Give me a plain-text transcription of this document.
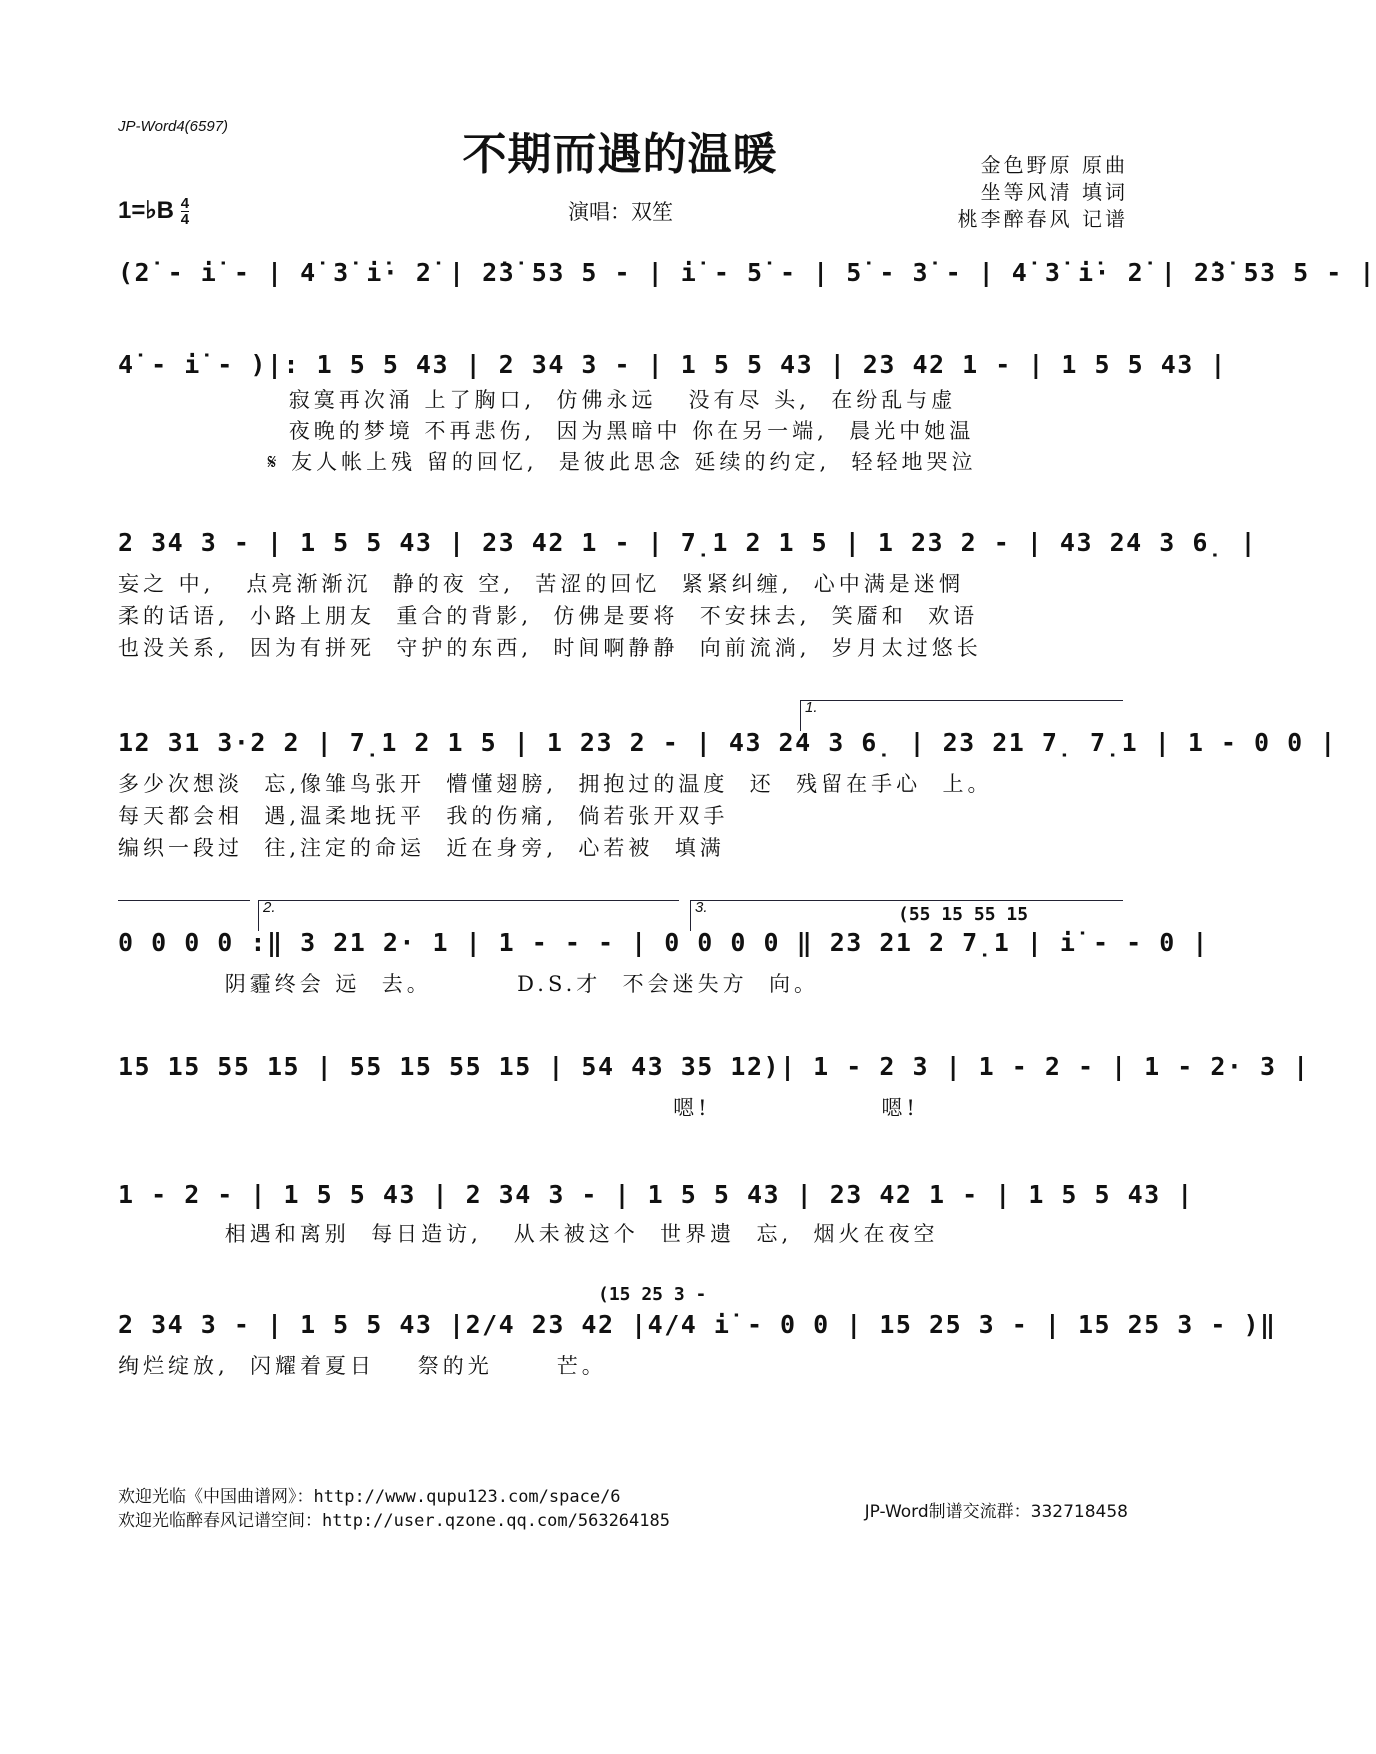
JP-Word4(6597)
不期而遇的温暖	金色野原 原曲
坐等风清 填词
桃李醉春风 记谱
1=♭B $\frac{4}{4}$	演唱：双笙
(2̇ - i̇ - | 4̇ 3̇ i̇· 2̇ | 2̇3̇ 53 5 - | i̇ - 5̇ - | 5̇ - 3̇ - | 4̇ 3̇ i̇· 2̇ | 2̇3̇ 53 5 - |
4̇ - i̇ - )|: 1 5 5 43 | 2 34 3 - | 1 5 5 43 | 23 42 1 - | 1 5 5 43 |
寂寞再次涌 上了胸口,  仿佛永远   没有尽 头,  在纷乱与虚
夜晚的梦境 不再悲伤,  因为黑暗中 你在另一端,  晨光中她温
𝄋 友人帐上残 留的回忆,  是彼此思念 延续的约定,  轻轻地哭泣
2 34 3 - | 1 5 5 43 | 23 42 1 - | 7̣1 2 1 5 | 1 23 2 - | 43 24 3 6̣ |
妄之 中,   点亮渐渐沉  静的夜 空,  苦涩的回忆  紧紧纠缠,  心中满是迷惘
柔的话语,  小路上朋友  重合的背影,  仿佛是要将  不安抹去,  笑靥和  欢语
也没关系,  因为有拼死  守护的东西,  时间啊静静  向前流淌,  岁月太过悠长
1.
12 31 3·2 2 | 7̣1 2 1 5 | 1 23 2 - | 43 24 3 6̣ | 23 21 7̣ 7̣1 | 1 - 0 0 |
多少次想淡  忘,像雏鸟张开  懵懂翅膀,  拥抱过的温度  还  残留在手心  上。
每天都会相  遇,温柔地抚平  我的伤痛,  倘若张开双手
编织一段过  往,注定的命运  近在身旁,  心若被  填满
2.	3.	(55 15 55 15
0 0 0 0 :‖ 3 21 2· 1 | 1 - - - | 0 0 0 0 ‖ 23 21 2 7̣1 | i̇ - - 0 |
阴霾终会 远  去。        D.S.才  不会迷失方  向。
15 15 55 15 | 55 15 55 15 | 54 43 35 12)| 1 - 2 3 | 1 - 2 - | 1 - 2· 3 |
嗯!                嗯!
1 - 2 - | 1 5 5 43 | 2 34 3 - | 1 5 5 43 | 23 42 1 - | 1 5 5 43 |
相遇和离别  每日造访,   从未被这个  世界遗  忘,  烟火在夜空
(15 25 3 -
2 34 3 - | 1 5 5 43 |2/4 23 42 |4/4 i̇ - 0 0 | 15 25 3 - | 15 25 3 - )‖
绚烂绽放,  闪耀着夏日    祭的光      芒。
欢迎光临《中国曲谱网》：http://www.qupu123.com/space/6
欢迎光临醉春风记谱空间：http://user.qzone.qq.com/563264185	JP-Word制谱交流群：332718458
